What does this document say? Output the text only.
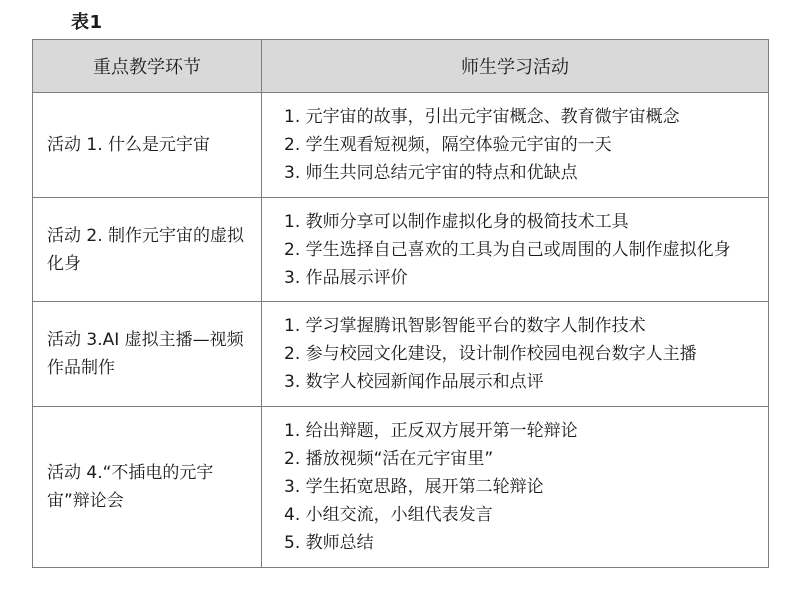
表1
重点教学环节	师生学习活动
活动 1. 什么是元宇宙	1. 元宇宙的故事，引出元宇宙概念、教育微宇宙概念
2. 学生观看短视频，隔空体验元宇宙的一天
3. 师生共同总结元宇宙的特点和优缺点

活动 2. 制作元宇宙的虚拟化身	1. 教师分享可以制作虚拟化身的极简技术工具
2. 学生选择自己喜欢的工具为自己或周围的人制作虚拟化身
3. 作品展示评价

活动 3.AI 虚拟主播—视频作品制作	1. 学习掌握腾讯智影智能平台的数字人制作技术
2. 参与校园文化建设，设计制作校园电视台数字人主播
3. 数字人校园新闻作品展示和点评

活动 4.“不插电的元宇宙”辩论会	1. 给出辩题，正反双方展开第一轮辩论
2. 播放视频“活在元宇宙里”
3. 学生拓宽思路，展开第二轮辩论
4. 小组交流，小组代表发言
5. 教师总结
